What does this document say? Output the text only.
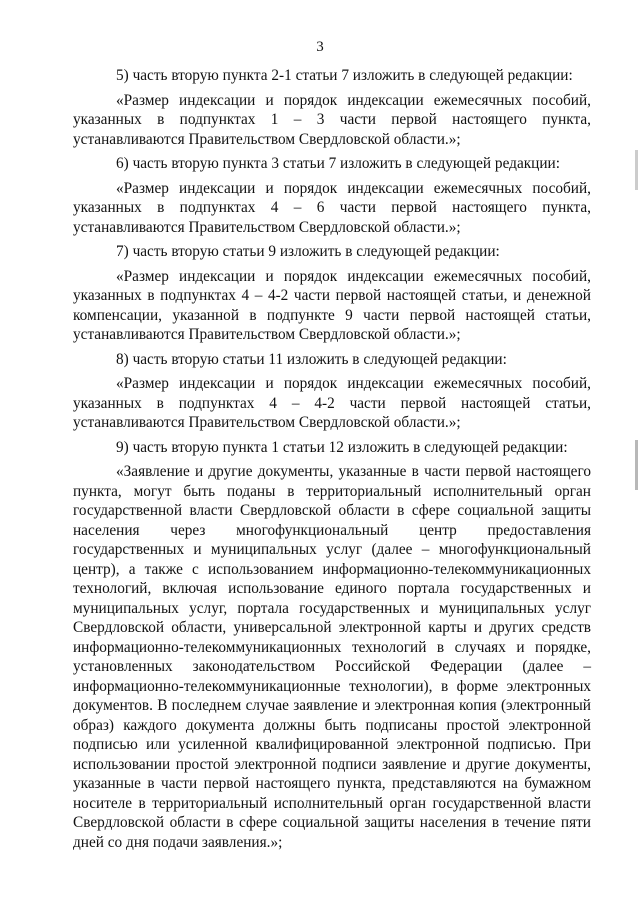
3

5) часть вторую пункта 2-1 статьи 7 изложить в следующей редакции:

«Размер индексации и порядок индексации ежемесячных пособий, указанных в подпунктах 1 – 3 части первой настоящего пункта, устанавливаются Правительством Свердловской области.»;

6) часть вторую пункта 3 статьи 7 изложить в следующей редакции:

«Размер индексации и порядок индексации ежемесячных пособий, указанных в подпунктах 4 – 6 части первой настоящего пункта, устанавливаются Правительством Свердловской области.»;

7) часть вторую статьи 9 изложить в следующей редакции:

«Размер индексации и порядок индексации ежемесячных пособий, указанных в подпунктах 4 – 4-2 части первой настоящей статьи, и денежной компенсации, указанной в подпункте 9 части первой настоящей статьи, устанавливаются Правительством Свердловской области.»;

8) часть вторую статьи 11 изложить в следующей редакции:

«Размер индексации и порядок индексации ежемесячных пособий, указанных в подпунктах 4 – 4-2 части первой настоящей статьи, устанавливаются Правительством Свердловской области.»;

9) часть вторую пункта 1 статьи 12 изложить в следующей редакции:

«Заявление и другие документы, указанные в части первой настоящего пункта, могут быть поданы в территориальный исполнительный орган государственной власти Свердловской области в сфере социальной защиты населения через многофункциональный центр предоставления государственных и муниципальных услуг (далее – многофункциональный центр), а также с использованием информационно-телекоммуникационных технологий, включая использование единого портала государственных и муниципальных услуг, портала государственных и муниципальных услуг Свердловской области, универсальной электронной карты и других средств информационно-телекоммуникационных технологий в случаях и порядке, установленных законодательством Российской Федерации (далее – информационно-телекоммуникационные технологии), в форме электронных документов. В последнем случае заявление и электронная копия (электронный образ) каждого документа должны быть подписаны простой электронной подписью или усиленной квалифицированной электронной подписью. При использовании простой электронной подписи заявление и другие документы, указанные в части первой настоящего пункта, представляются на бумажном носителе в территориальный исполнительный орган государственной власти Свердловской области в сфере социальной защиты населения в течение пяти дней со дня подачи заявления.»;
